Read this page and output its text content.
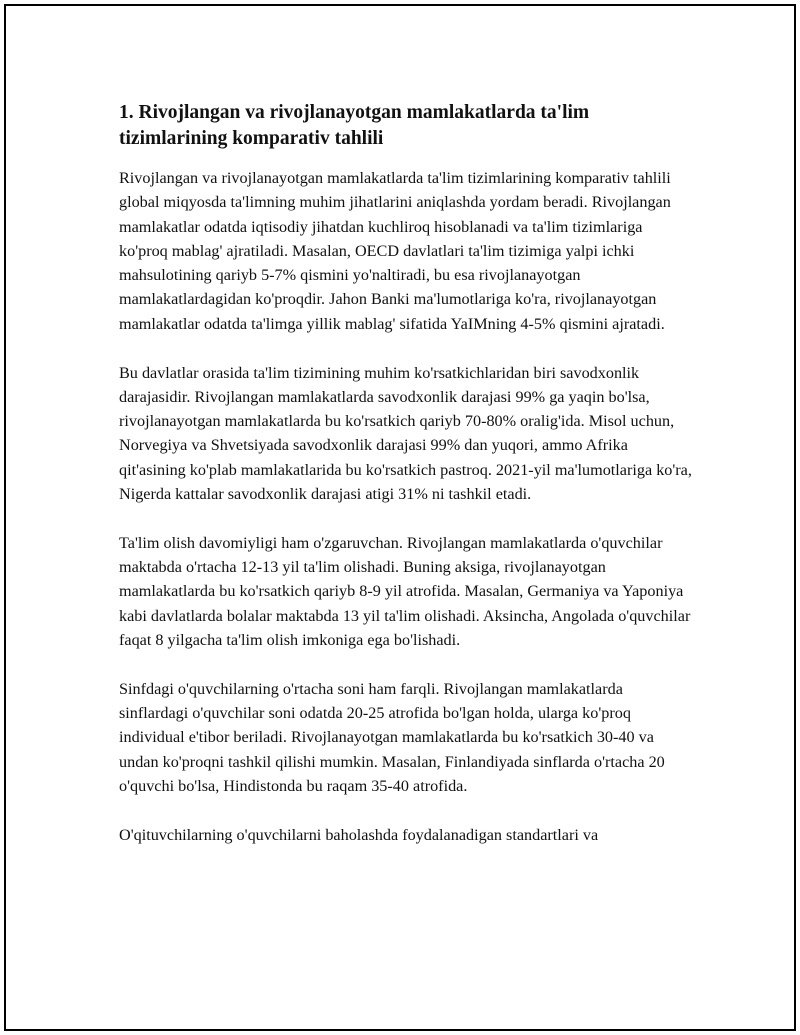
1. Rivojlangan va rivojlanayotgan mamlakatlarda ta'lim tizimlarining komparativ tahlili

Rivojlangan va rivojlanayotgan mamlakatlarda ta'lim tizimlarining komparativ tahlili global miqyosda ta'limning muhim jihatlarini aniqlashda yordam beradi. Rivojlangan mamlakatlar odatda iqtisodiy jihatdan kuchliroq hisoblanadi va ta'lim tizimlariga ko'proq mablag' ajratiladi. Masalan, OECD davlatlari ta'lim tizimiga yalpi ichki mahsulotining qariyb 5-7% qismini yo'naltiradi, bu esa rivojlanayotgan mamlakatlardagidan ko'proqdir. Jahon Banki ma'lumotlariga ko'ra, rivojlanayotgan mamlakatlar odatda ta'limga yillik mablag' sifatida YaIMning 4-5% qismini ajratadi.

Bu davlatlar orasida ta'lim tizimining muhim ko'rsatkichlaridan biri savodxonlik darajasidir. Rivojlangan mamlakatlarda savodxonlik darajasi 99% ga yaqin bo'lsa, rivojlanayotgan mamlakatlarda bu ko'rsatkich qariyb 70-80% oralig'ida. Misol uchun, Norvegiya va Shvetsiyada savodxonlik darajasi 99% dan yuqori, ammo Afrika qit'asining ko'plab mamlakatlarida bu ko'rsatkich pastroq. 2021-yil ma'lumotlariga ko'ra, Nigerda kattalar savodxonlik darajasi atigi 31% ni tashkil etadi.

Ta'lim olish davomiyligi ham o'zgaruvchan. Rivojlangan mamlakatlarda o'quvchilar maktabda o'rtacha 12-13 yil ta'lim olishadi. Buning aksiga, rivojlanayotgan mamlakatlarda bu ko'rsatkich qariyb 8-9 yil atrofida. Masalan, Germaniya va Yaponiya kabi davlatlarda bolalar maktabda 13 yil ta'lim olishadi. Aksincha, Angolada o'quvchilar faqat 8 yilgacha ta'lim olish imkoniga ega bo'lishadi.

Sinfdagi o'quvchilarning o'rtacha soni ham farqli. Rivojlangan mamlakatlarda sinflardagi o'quvchilar soni odatda 20-25 atrofida bo'lgan holda, ularga ko'proq individual e'tibor beriladi. Rivojlanayotgan mamlakatlarda bu ko'rsatkich 30-40 va undan ko'proqni tashkil qilishi mumkin. Masalan, Finlandiyada sinflarda o'rtacha 20 o'quvchi bo'lsa, Hindistonda bu raqam 35-40 atrofida.

O'qituvchilarning o'quvchilarni baholashda foydalanadigan standartlari va
